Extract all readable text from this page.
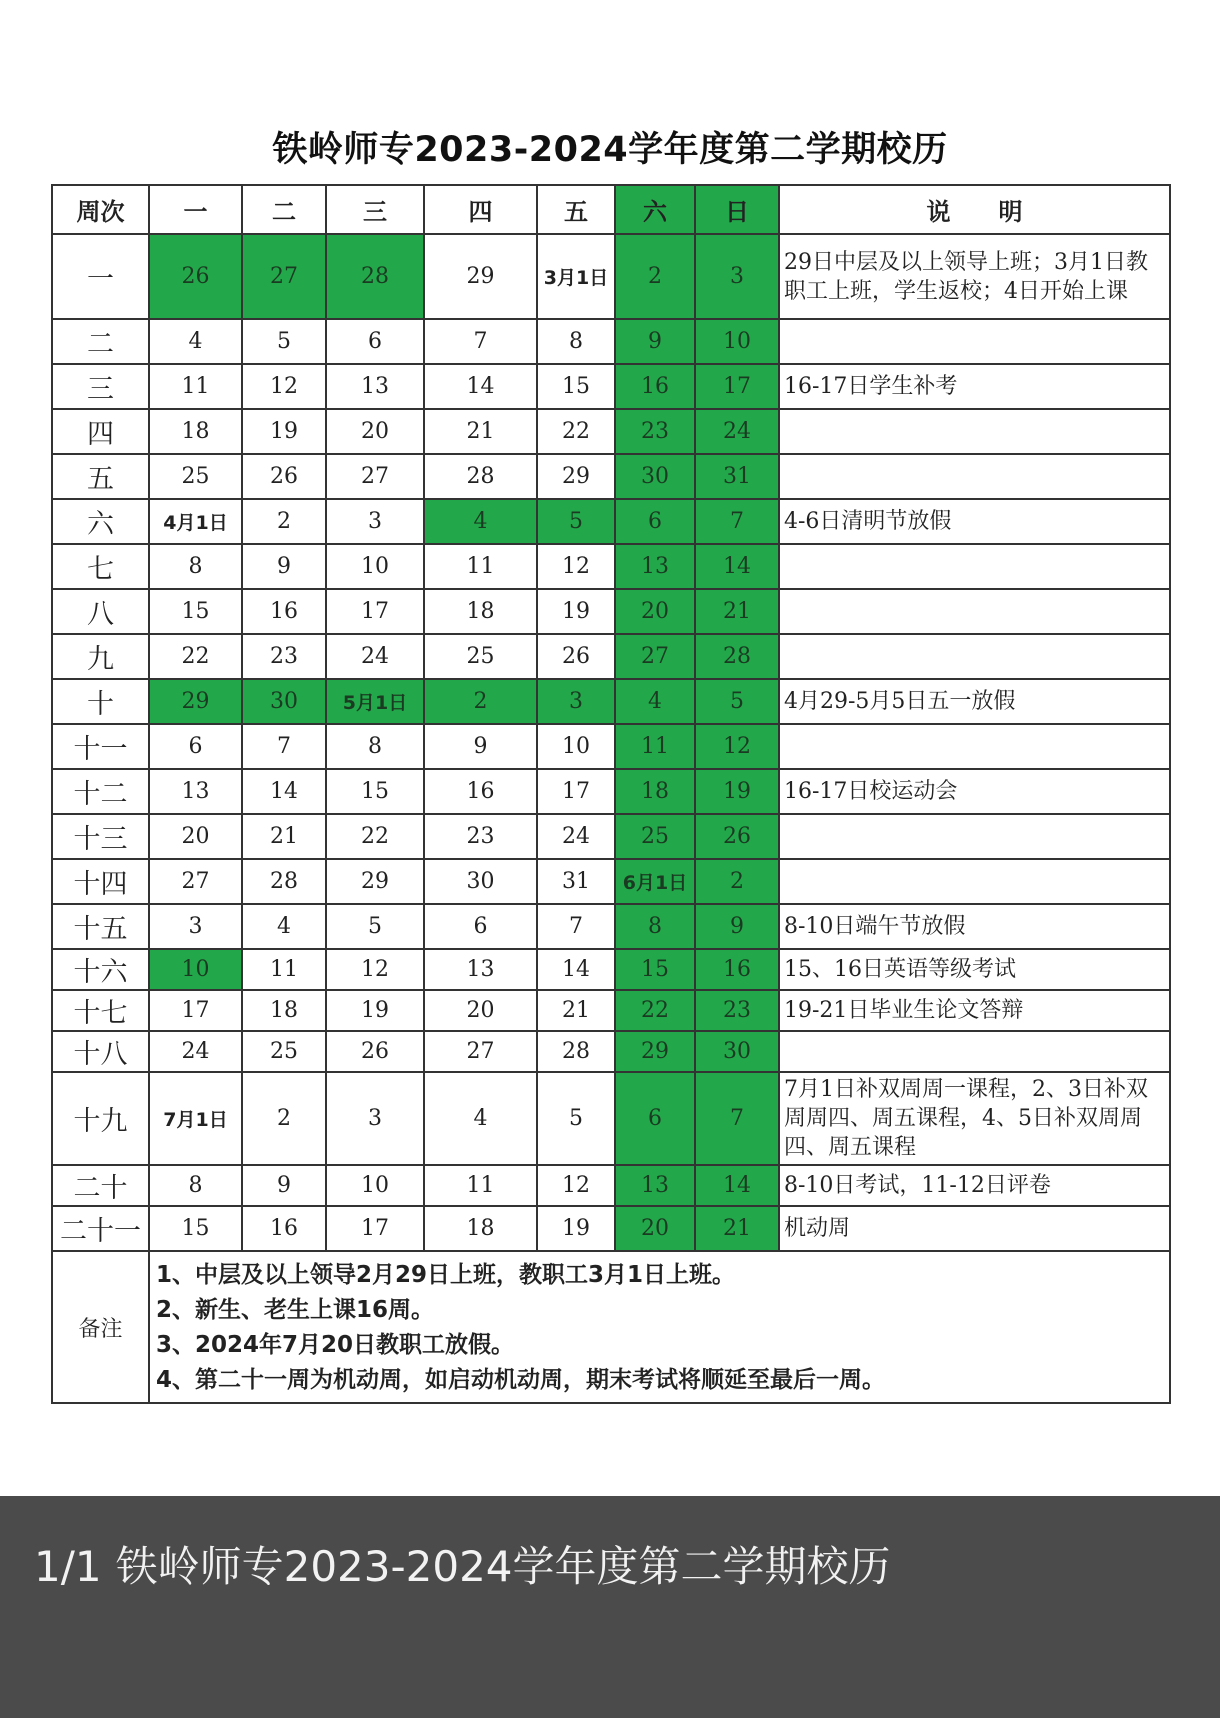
铁岭师专2023-2024学年度第二学期校历
周次	一	二	三	四	五	六	日	说　　明
一	26	27	28	29	3月1日	2	3	29日中层及以上领导上班；3月1日教职工上班，学生返校；4日开始上课
二	4	5	6	7	8	9	10	
三	11	12	13	14	15	16	17	16-17日学生补考
四	18	19	20	21	22	23	24	
五	25	26	27	28	29	30	31	
六	4月1日	2	3	4	5	6	7	4-6日清明节放假
七	8	9	10	11	12	13	14	
八	15	16	17	18	19	20	21	
九	22	23	24	25	26	27	28	
十	29	30	5月1日	2	3	4	5	4月29-5月5日五一放假
十一	6	7	8	9	10	11	12	
十二	13	14	15	16	17	18	19	16-17日校运动会
十三	20	21	22	23	24	25	26	
十四	27	28	29	30	31	6月1日	2	
十五	3	4	5	6	7	8	9	8-10日端午节放假
十六	10	11	12	13	14	15	16	15、16日英语等级考试
十七	17	18	19	20	21	22	23	19-21日毕业生论文答辩
十八	24	25	26	27	28	29	30	
十九	7月1日	2	3	4	5	6	7	7月1日补双周周一课程，2、3日补双周周四、周五课程，4、5日补双周周四、周五课程
二十	8	9	10	11	12	13	14	8-10日考试，11-12日评卷
二十一	15	16	17	18	19	20	21	机动周
备注	1、中层及以上领导2月29日上班，教职工3月1日上班。
2、新生、老生上课16周。
3、2024年7月20日教职工放假。
4、第二十一周为机动周，如启动机动周，期末考试将顺延至最后一周。							
1/1 铁岭师专2023-2024学年度第二学期校历
